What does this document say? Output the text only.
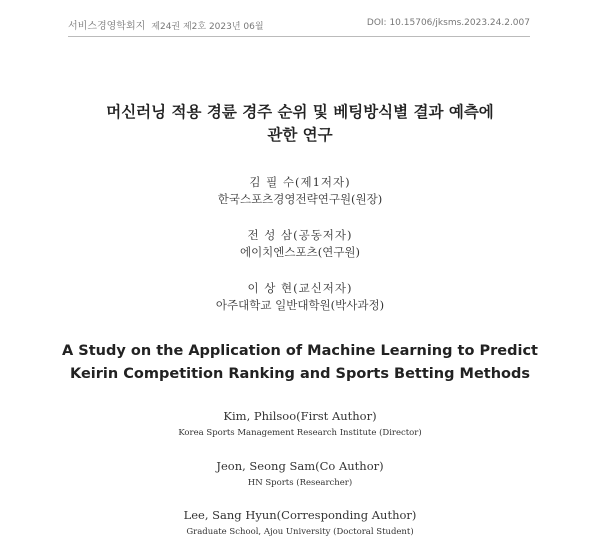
서비스경영학회지 제24권 제2호 2023년 06월	DOI: 10.15706/jksms.2023.24.2.007
머신러닝 적용 경륜 경주 순위 및 베팅방식별 결과 예측에
관한 연구
김 필 수(제1저자)
한국스포츠경영전략연구원(원장)
전 성 삼(공동저자)
에이치엔스포츠(연구원)
이 상 현(교신저자)
아주대학교 일반대학원(박사과정)
A Study on the Application of Machine Learning to Predict
Keirin Competition Ranking and Sports Betting Methods
Kim, Philsoo(First Author)
Korea Sports Management Research Institute (Director)
Jeon, Seong Sam(Co Author)
HN Sports (Researcher)
Lee, Sang Hyun(Corresponding Author)
Graduate School, Ajou University (Doctoral Student)
